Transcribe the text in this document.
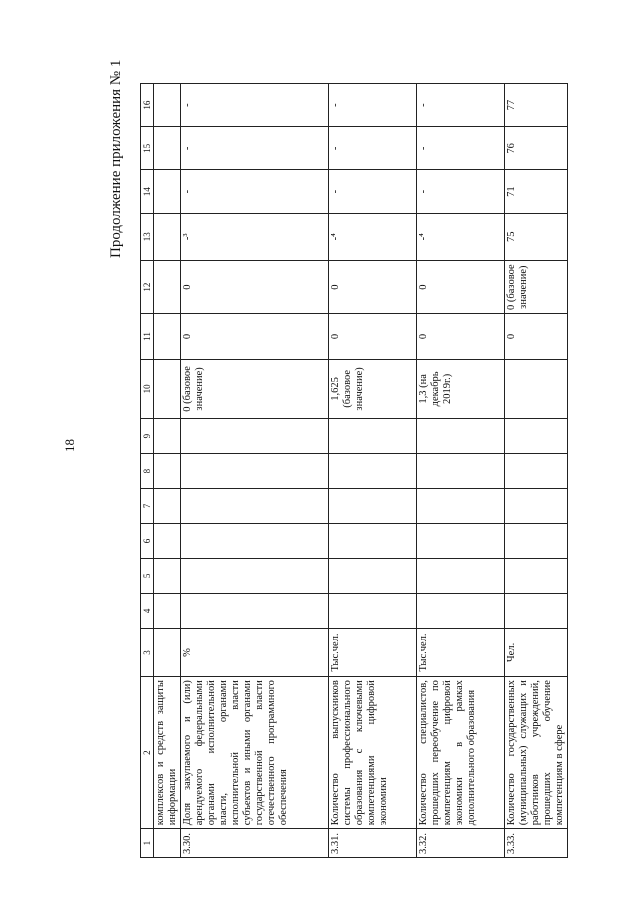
18
Продолжение приложения № 1
1	2	3	4	5	6	7	8	9	10	11	12	13	14	15	16
	комплексов и средств защиты информации														
3.30.	Доля закупаемого и (или) арендуемого федеральными органами исполнительной власти, органами исполнительной власти субъектов и иными органами государственной власти отечественного программного обеспечения	%							0 (базовое значение)	0	0	-³	-	-	-
3.31.	Количество выпускников системы профессионального образования с ключевыми компетенциями цифровой экономики	Тыс.чел.							1,625 (базовое значение)	0	0	-⁴	-	-	-
3.32.	Количество специалистов, прошедших переобучение по компетенциям цифровой экономики в рамках дополнительного образования	Тыс.чел.							1,3 (на декабрь 2019г.)	0	0	-⁴	-	-	-
3.33.	Количество государственных (муниципальных) служащих и работников учреждений, прошедших обучение компетенциям в сфере	Чел.								0	0 (базовое значение)	75	71	76	77
